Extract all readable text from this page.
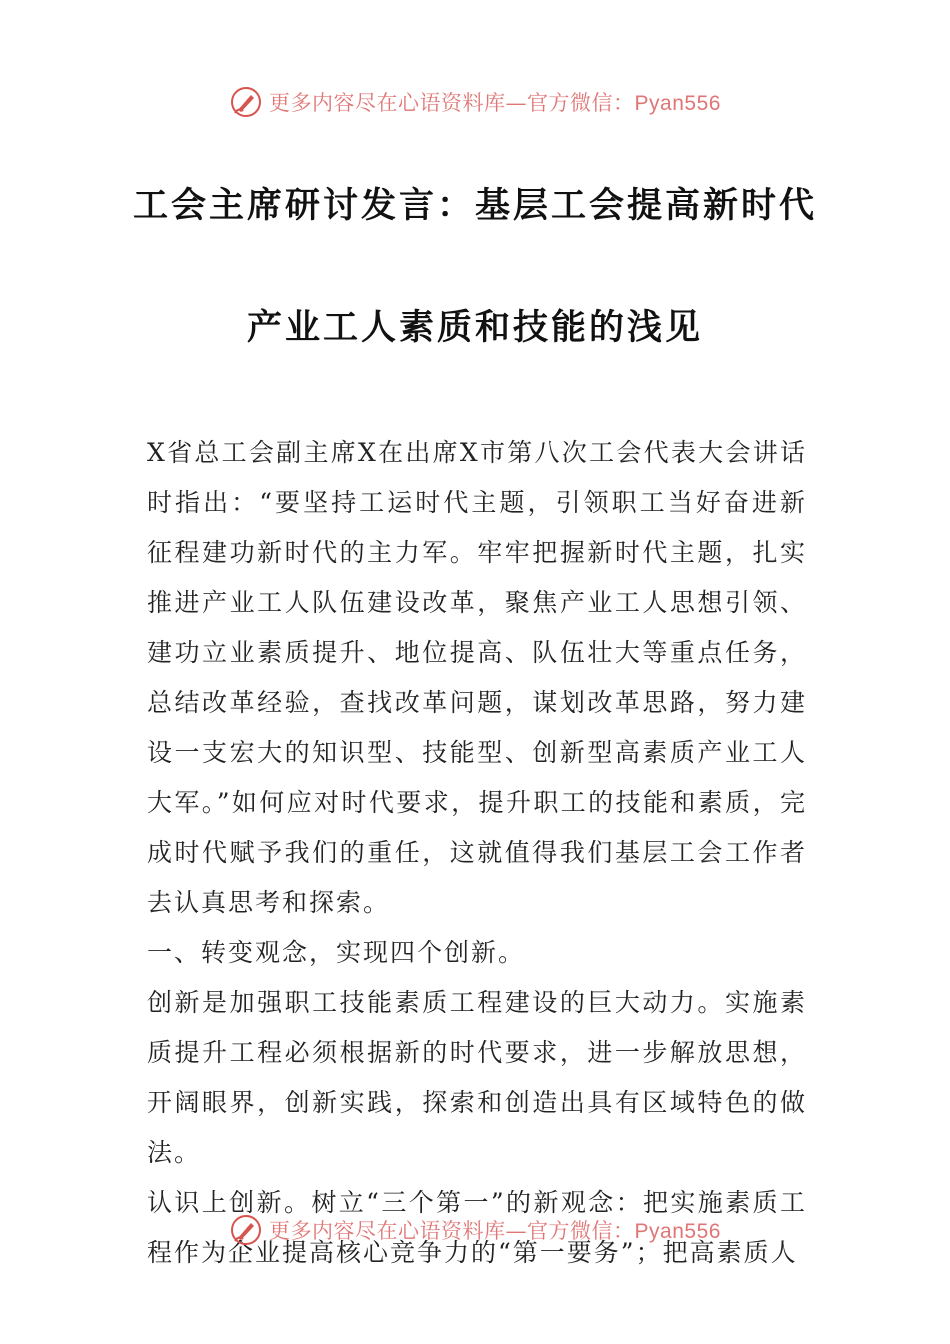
更多内容尽在心语资料库—官方微信：Pyan556
工会主席研讨发言：基层工会提高新时代
产业工人素质和技能的浅见

X省总工会副主席X在出席X市第八次工会代表大会讲话时指出：“要坚持工运时代主题，引领职工当好奋进新征程建功新时代的主力军。牢牢把握新时代主题，扎实推进产业工人队伍建设改革，聚焦产业工人思想引领、建功立业素质提升、地位提高、队伍壮大等重点任务，总结改革经验，查找改革问题，谋划改革思路，努力建设一支宏大的知识型、技能型、创新型高素质产业工人大军。”如何应对时代要求，提升职工的技能和素质，完成时代赋予我们的重任，这就值得我们基层工会工作者去认真思考和探索。

一、转变观念，实现四个创新。

创新是加强职工技能素质工程建设的巨大动力。实施素质提升工程必须根据新的时代要求，进一步解放思想，开阔眼界，创新实践，探索和创造出具有区域特色的做法。

认识上创新。树立“三个第一”的新观念：把实施素质工程作为企业提高核心竞争力的“第一要务”；把高素质人

更多内容尽在心语资料库—官方微信：Pyan556
